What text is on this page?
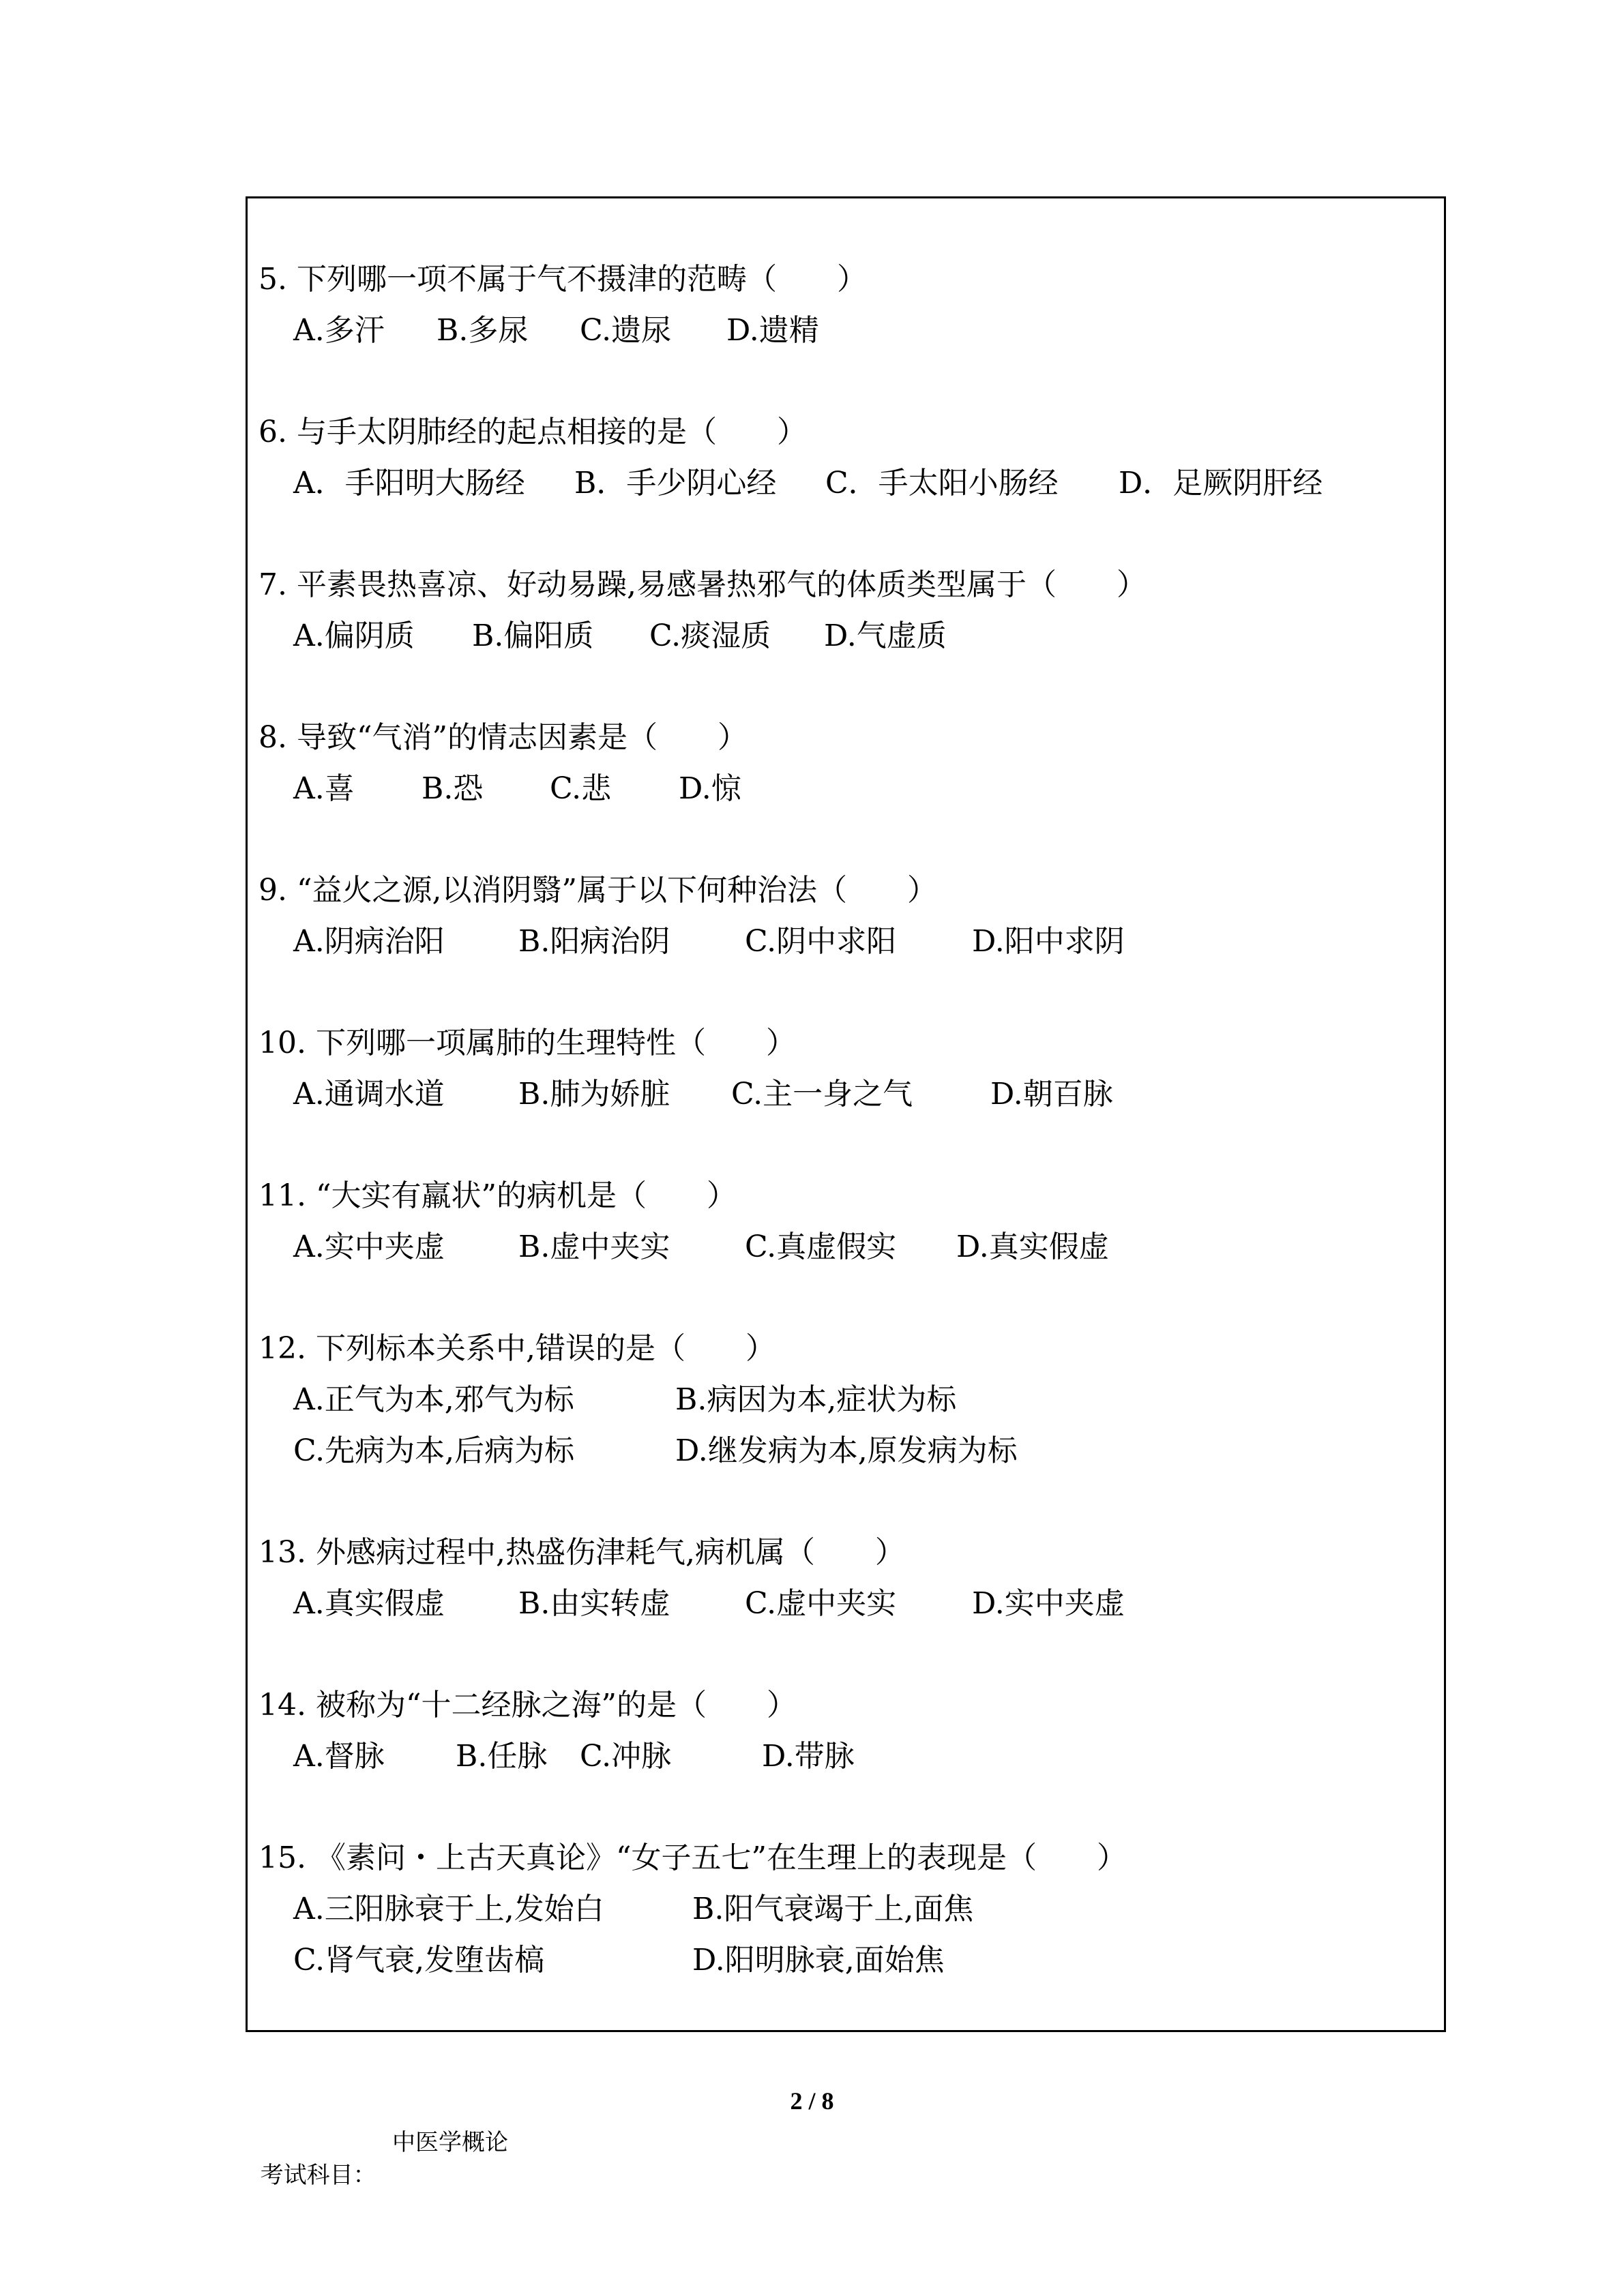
5. 下列哪一项不属于气不摄津的范畴（　　）
A.多汗 B.多尿 C.遗尿 D.遗精
6. 与手太阴肺经的起点相接的是（　　）
A．手阳明大肠经 B．手少阴心经 C．手太阳小肠经 D．足厥阴肝经
7. 平素畏热喜凉、好动易躁,易感暑热邪气的体质类型属于（　　）
A.偏阴质 B.偏阳质 C.痰湿质 D.气虚质
8. 导致“气消”的情志因素是（　　）
A.喜 B.恐 C.悲 D.惊
9. “益火之源,以消阴翳”属于以下何种治法（　　）
A.阴病治阳 B.阳病治阴 C.阴中求阳	D.阳中求阴
10. 下列哪一项属肺的生理特性（　　）
A.通调水道 B.肺为娇脏 C.主一身之气	D.朝百脉
11. “大实有羸状”的病机是（　　）
A.实中夹虚 B.虚中夹实 C.真虚假实 D.真实假虚
12. 下列标本关系中,错误的是（　　）
A.正气为本,邪气为标	B.病因为本,症状为标
C.先病为本,后病为标	D.继发病为本,原发病为标
13. 外感病过程中,热盛伤津耗气,病机属（　　）
A.真实假虚 B.由实转虚 C.虚中夹实	D.实中夹虚
14. 被称为“十二经脉之海”的是（　　）
A.督脉 B.任脉 C.冲脉	D.带脉
15. 《素问・上古天真论》“女子五七”在生理上的表现是（　　）
A.三阳脉衰于上,发始白	B.阳气衰竭于上,面焦
C.肾气衰,发堕齿槁	D.阳明脉衰,面始焦
2 / 8

考试科目：

中医学概论
